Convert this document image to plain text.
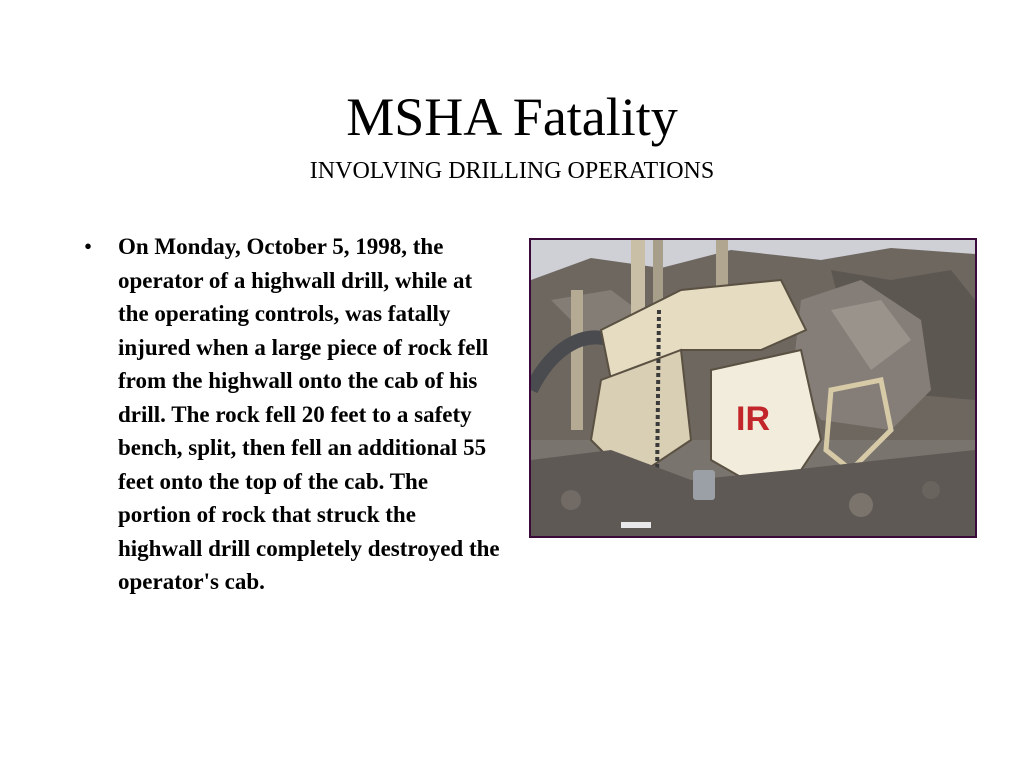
MSHA Fatality
INVOLVING DRILLING OPERATIONS
• On Monday, October 5, 1998, the operator of a highwall drill, while at the operating controls, was fatally injured when a large piece of rock fell from the highwall onto the cab of his drill. The rock fell 20 feet to a safety bench, split, then fell an additional 55 feet onto the top of the cab. The portion of rock that struck the highwall drill completely destroyed the operator's cab.
IR
